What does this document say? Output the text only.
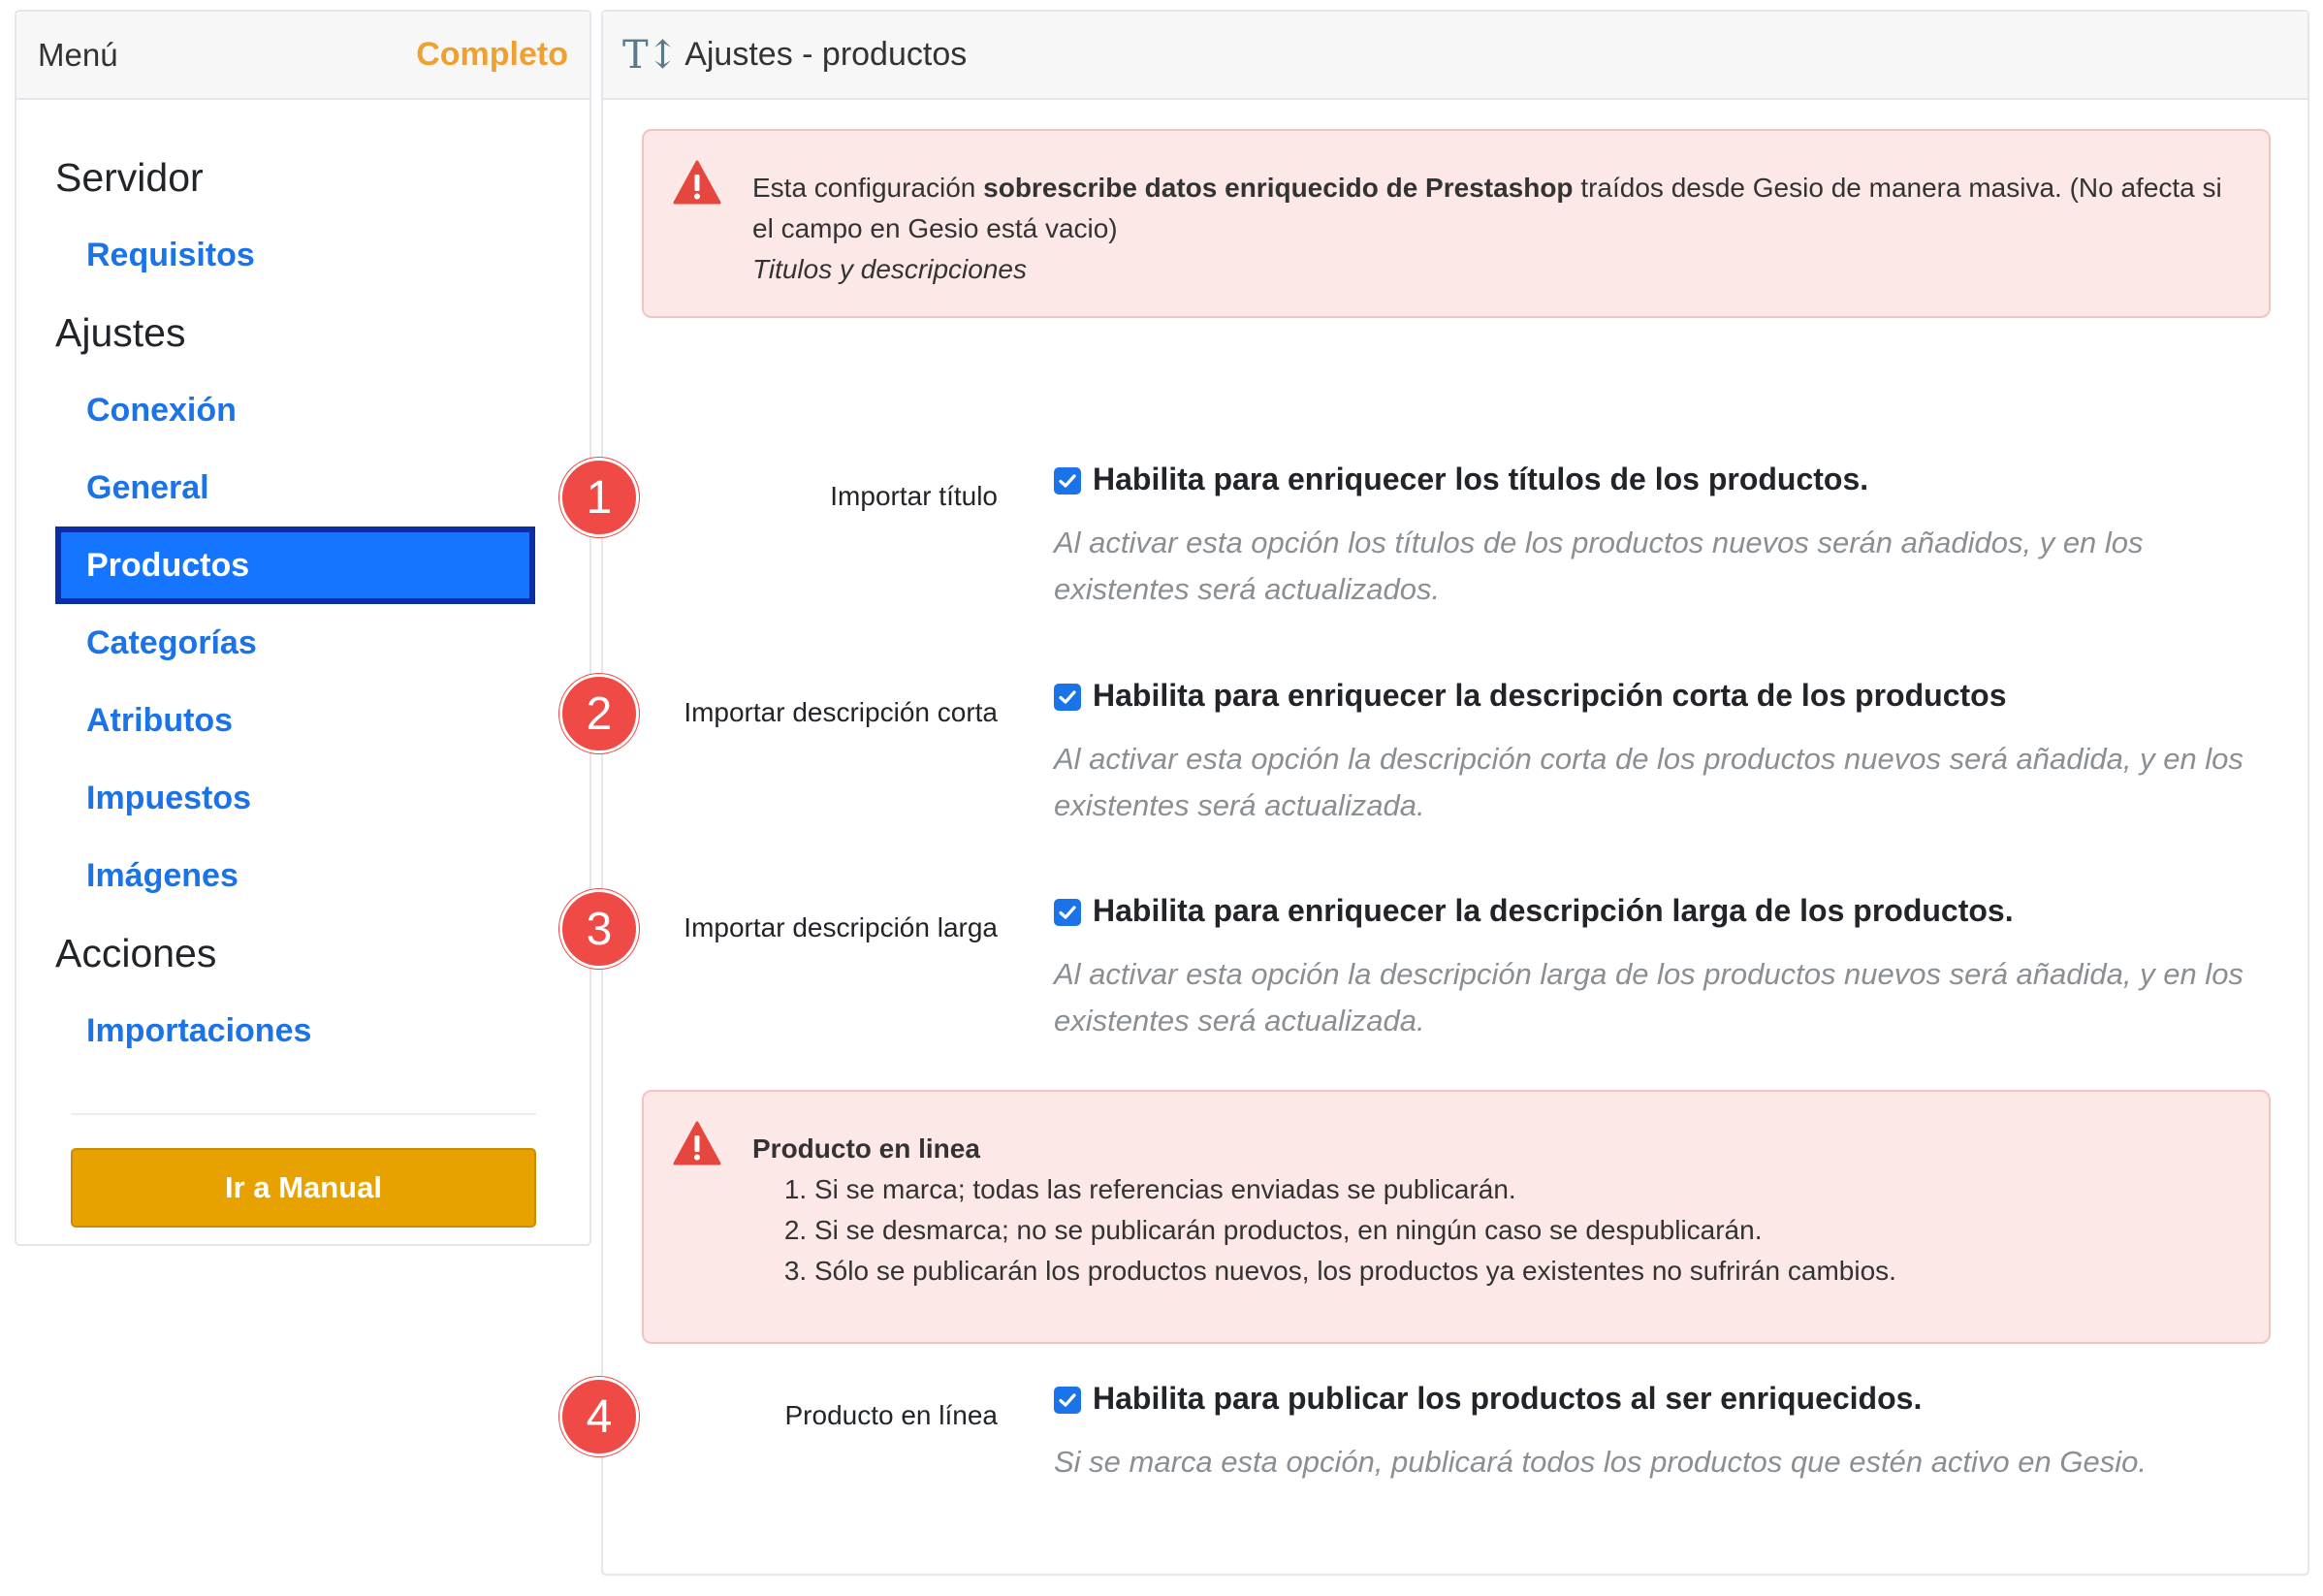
Menú	Completo
Servidor
Requisitos
Ajustes
Conexión
General
Productos
Categorías
Atributos
Impuestos
Imágenes
Acciones
Importaciones
Ir a Manual
T↕ Ajustes - productos
Esta configuración sobrescribe datos enriquecido de Prestashop traídos desde Gesio de manera masiva. (No afecta si el campo en Gesio está vacio)
Titulos y descripciones
1	Importar título	Habilita para enriquecer los títulos de los productos.
Al activar esta opción los títulos de los productos nuevos serán añadidos, y en los existentes será actualizados.
2	Importar descripción corta	Habilita para enriquecer la descripción corta de los productos
Al activar esta opción la descripción corta de los productos nuevos será añadida, y en los existentes será actualizada.
3	Importar descripción larga	Habilita para enriquecer la descripción larga de los productos.
Al activar esta opción la descripción larga de los productos nuevos será añadida, y en los existentes será actualizada.
Producto en linea
1. Si se marca; todas las referencias enviadas se publicarán.
2. Si se desmarca; no se publicarán productos, en ningún caso se despublicarán.
3. Sólo se publicarán los productos nuevos, los productos ya existentes no sufrirán cambios.
4	Producto en línea	Habilita para publicar los productos al ser enriquecidos.
Si se marca esta opción, publicará todos los productos que estén activo en Gesio.
